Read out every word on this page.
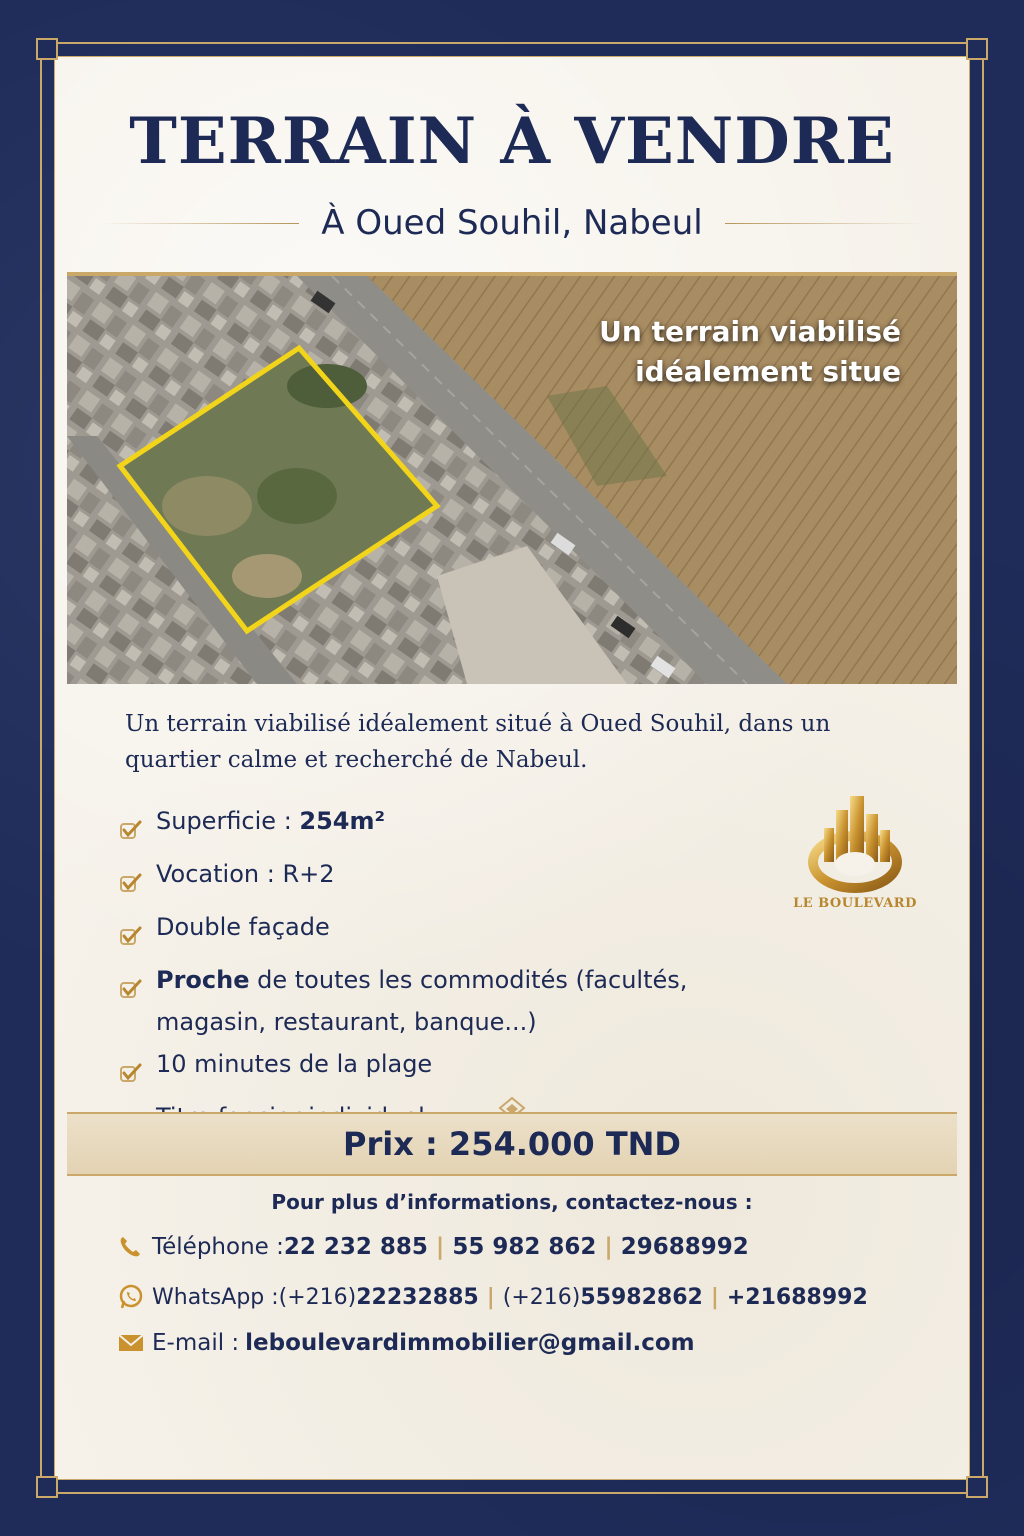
TERRAIN À VENDRE
À Oued Souhil, Nabeul
Un terrain viabilisé
idéalement situe
Un terrain viabilisé idéalement situé à Oued Souhil, dans un quartier calme et recherché de Nabeul.
Superficie : 254m²
Vocation : R+2
Double façade
Proche de toutes les commodités (facultés,
magasin, restaurant, banque...)
10 minutes de la plage
LE BOULEVARD
Prix : 254.000 TND
Pour plus d’informations, contactez-nous :
Téléphone : 22 232 885 | 55 982 862 | 29688992
WhatsApp : (+216) 22232885 | (+216) 55982862 | +21688992
E-mail : leboulevardimmobilier@gmail.com
